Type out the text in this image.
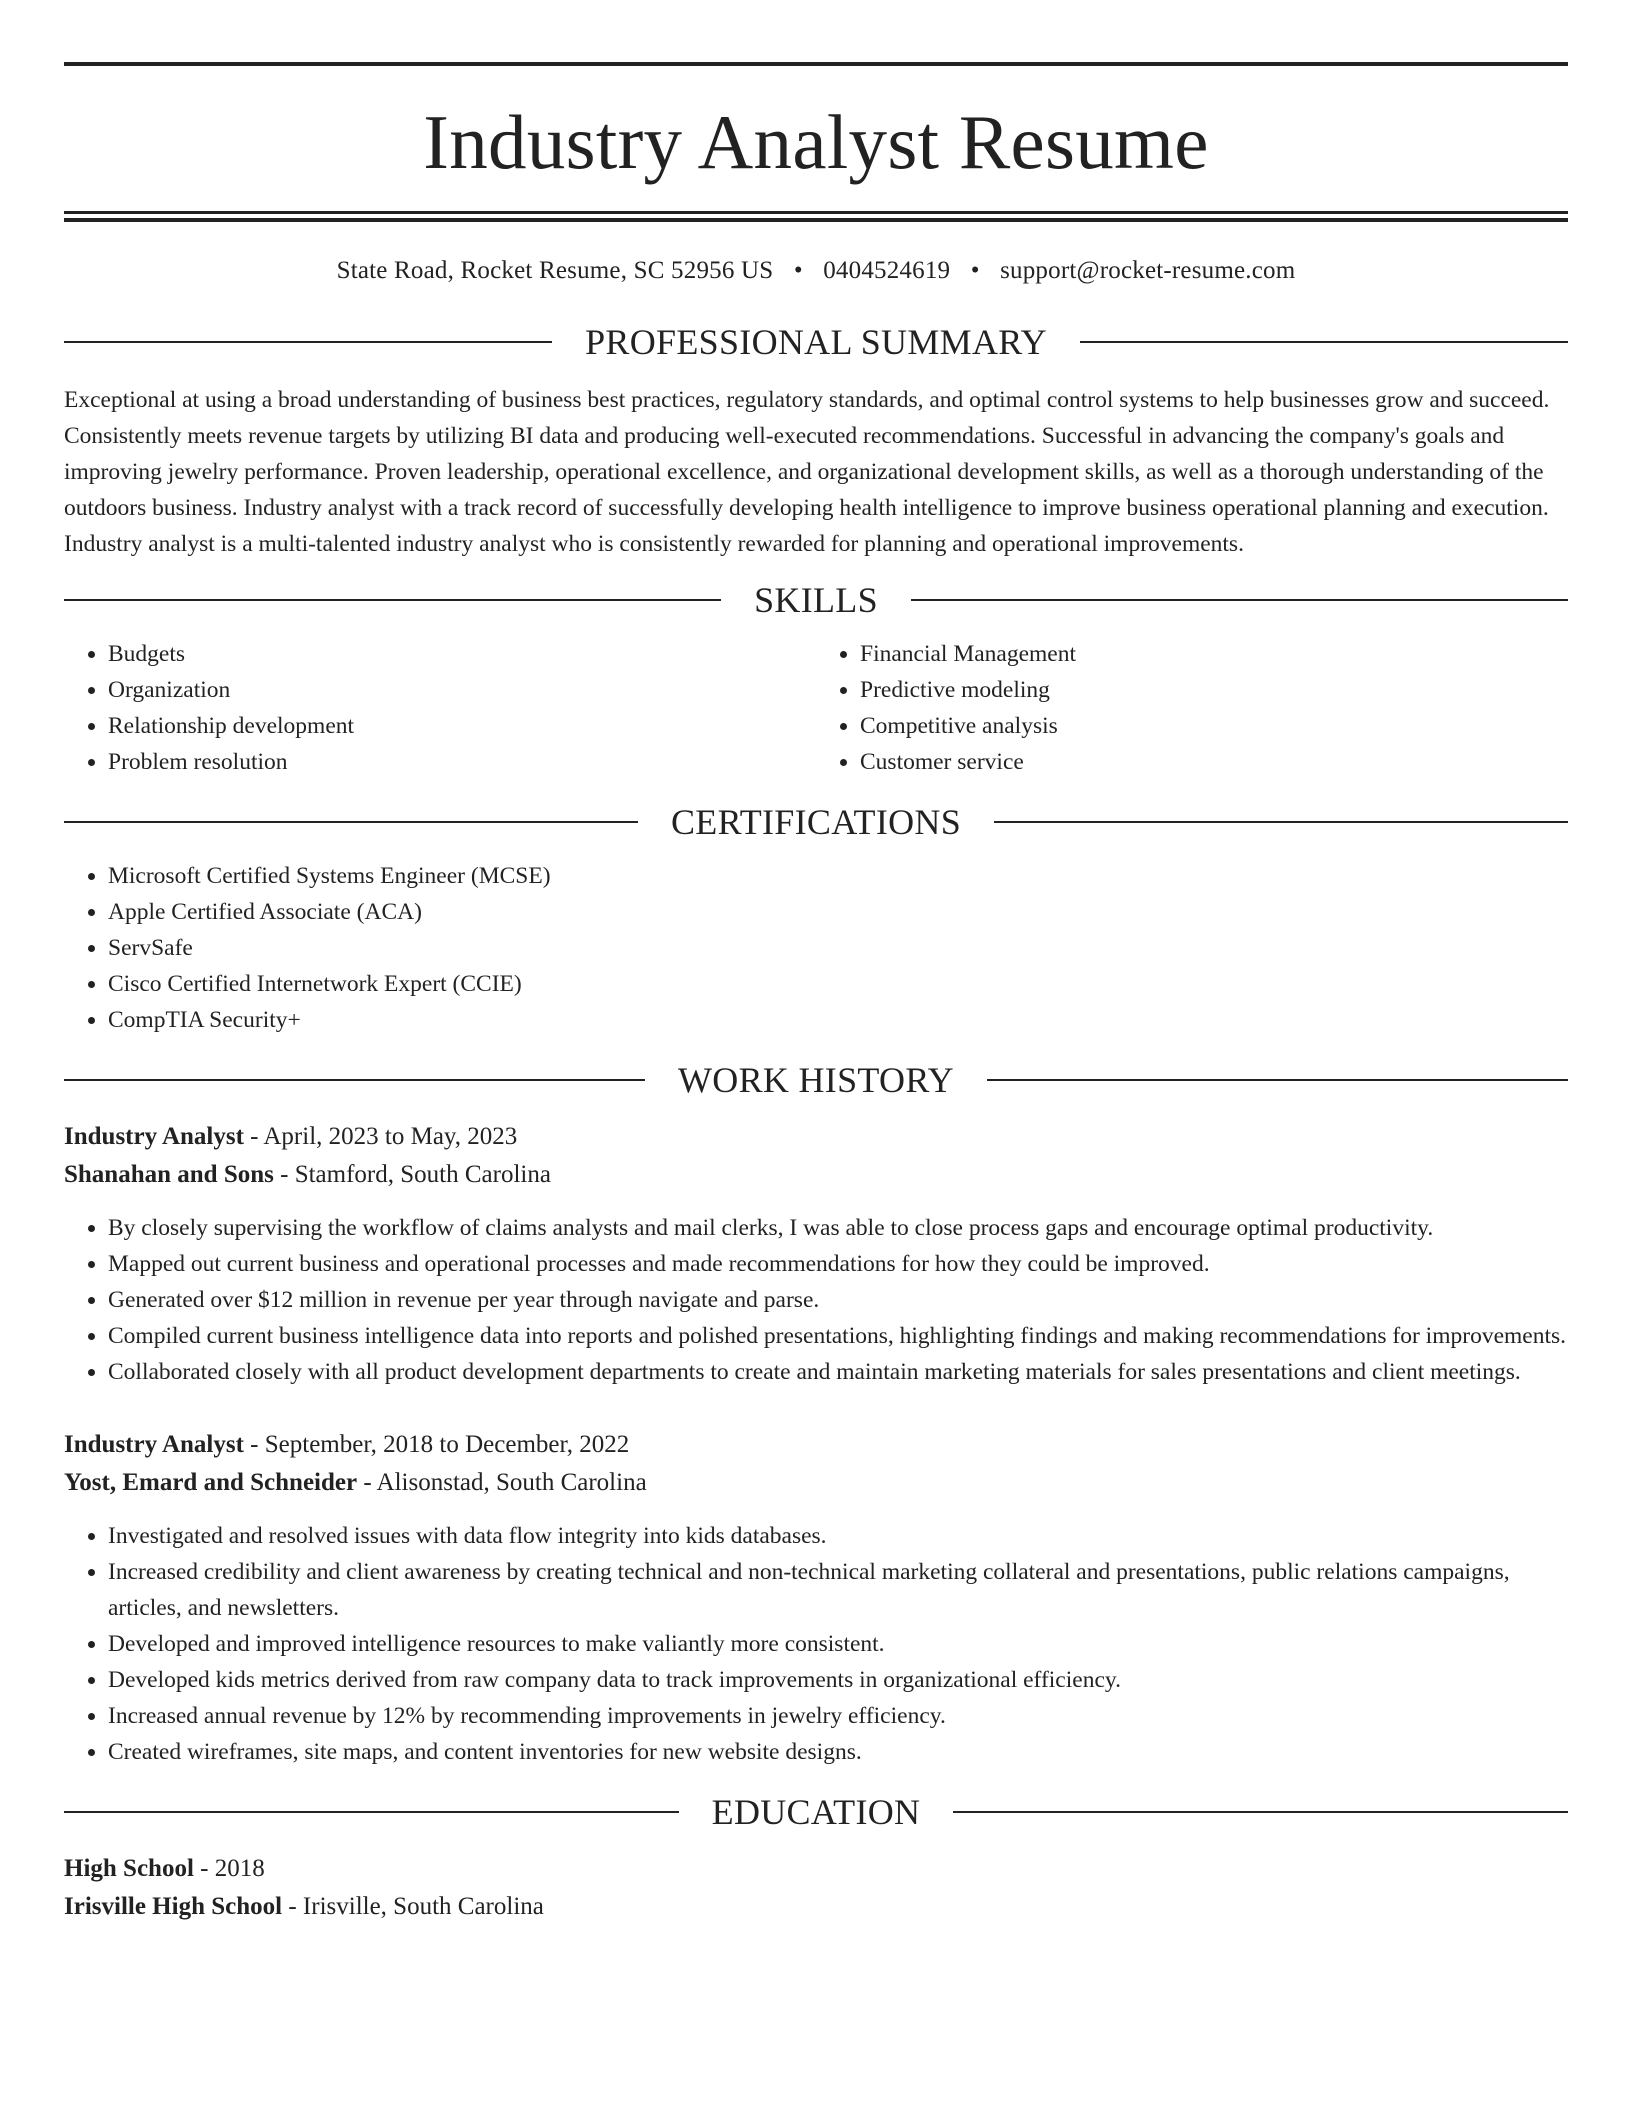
Industry Analyst Resume
State Road, Rocket Resume, SC 52956 US • 0404524619 • support@rocket-resume.com
PROFESSIONAL SUMMARY

Exceptional at using a broad understanding of business best practices, regulatory standards, and optimal control systems to help businesses grow and succeed. Consistently meets revenue targets by utilizing BI data and producing well-executed recommendations. Successful in advancing the company's goals and improving jewelry performance. Proven leadership, operational excellence, and organizational development skills, as well as a thorough understanding of the outdoors business. Industry analyst with a track record of successfully developing health intelligence to improve business operational planning and execution. Industry analyst is a multi-talented industry analyst who is consistently rewarded for planning and operational improvements.

SKILLS
• Budgets
• Organization
• Relationship development
• Problem resolution
• Financial Management
• Predictive modeling
• Competitive analysis
• Customer service
CERTIFICATIONS
• Microsoft Certified Systems Engineer (MCSE)
• Apple Certified Associate (ACA)
• ServSafe
• Cisco Certified Internetwork Expert (CCIE)
• CompTIA Security+
WORK HISTORY
Industry Analyst - April, 2023 to May, 2023
Shanahan and Sons - Stamford, South Carolina
• By closely supervising the workflow of claims analysts and mail clerks, I was able to close process gaps and encourage optimal productivity.
• Mapped out current business and operational processes and made recommendations for how they could be improved.
• Generated over $12 million in revenue per year through navigate and parse.
• Compiled current business intelligence data into reports and polished presentations, highlighting findings and making recommendations for improvements.
• Collaborated closely with all product development departments to create and maintain marketing materials for sales presentations and client meetings.
Industry Analyst - September, 2018 to December, 2022
Yost, Emard and Schneider - Alisonstad, South Carolina
• Investigated and resolved issues with data flow integrity into kids databases.
• Increased credibility and client awareness by creating technical and non-technical marketing collateral and presentations, public relations campaigns, articles, and newsletters.
• Developed and improved intelligence resources to make valiantly more consistent.
• Developed kids metrics derived from raw company data to track improvements in organizational efficiency.
• Increased annual revenue by 12% by recommending improvements in jewelry efficiency.
• Created wireframes, site maps, and content inventories for new website designs.
EDUCATION
High School - 2018
Irisville High School - Irisville, South Carolina
